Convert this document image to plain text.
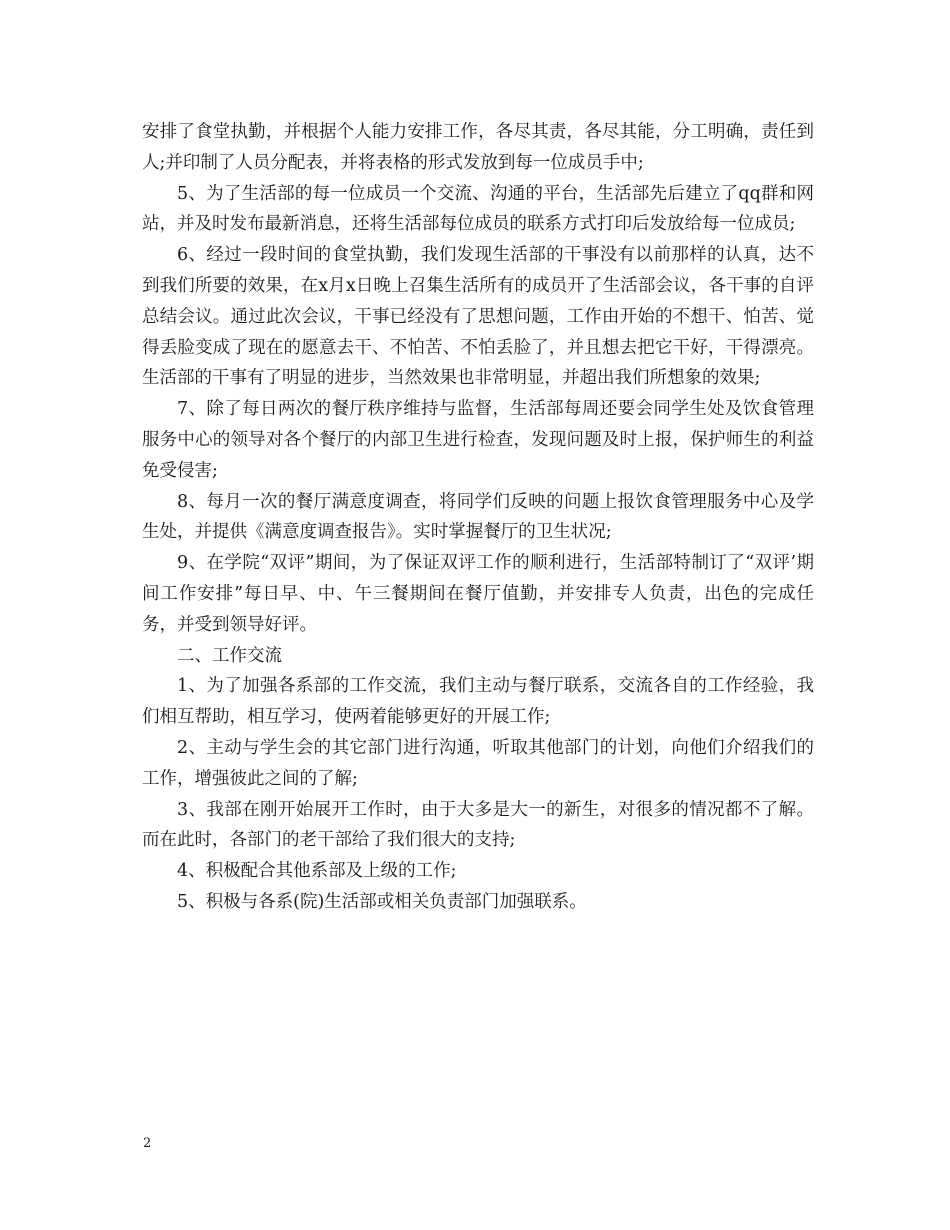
安排了食堂执勤，并根据个人能力安排工作，各尽其责，各尽其能，分工明确，责任到人;并印制了人员分配表，并将表格的形式发放到每一位成员手中;

5、为了生活部的每一位成员一个交流、沟通的平台，生活部先后建立了qq群和网站，并及时发布最新消息，还将生活部每位成员的联系方式打印后发放给每一位成员;

6、经过一段时间的食堂执勤，我们发现生活部的干事没有以前那样的认真，达不到我们所要的效果，在x月x日晚上召集生活所有的成员开了生活部会议，各干事的自评总结会议。通过此次会议，干事已经没有了思想问题，工作由开始的不想干、怕苦、觉得丢脸变成了现在的愿意去干、不怕苦、不怕丢脸了，并且想去把它干好，干得漂亮。生活部的干事有了明显的进步，当然效果也非常明显，并超出我们所想象的效果;

7、除了每日两次的餐厅秩序维持与监督，生活部每周还要会同学生处及饮食管理服务中心的领导对各个餐厅的内部卫生进行检查，发现问题及时上报，保护师生的利益免受侵害;

8、每月一次的餐厅满意度调查，将同学们反映的问题上报饮食管理服务中心及学生处，并提供《满意度调查报告》。实时掌握餐厅的卫生状况;

9、在学院“双评”期间，为了保证双评工作的顺利进行，生活部特制订了“双评’期间工作安排”每日早、中、午三餐期间在餐厅值勤，并安排专人负责，出色的完成任务，并受到领导好评。

二、工作交流

1、为了加强各系部的工作交流，我们主动与餐厅联系，交流各自的工作经验，我们相互帮助，相互学习，使两着能够更好的开展工作;

2、主动与学生会的其它部门进行沟通，听取其他部门的计划，向他们介绍我们的工作，增强彼此之间的了解;

3、我部在刚开始展开工作时，由于大多是大一的新生，对很多的情况都不了解。而在此时，各部门的老干部给了我们很大的支持;

4、积极配合其他系部及上级的工作;

5、积极与各系(院)生活部或相关负责部门加强联系。

2
